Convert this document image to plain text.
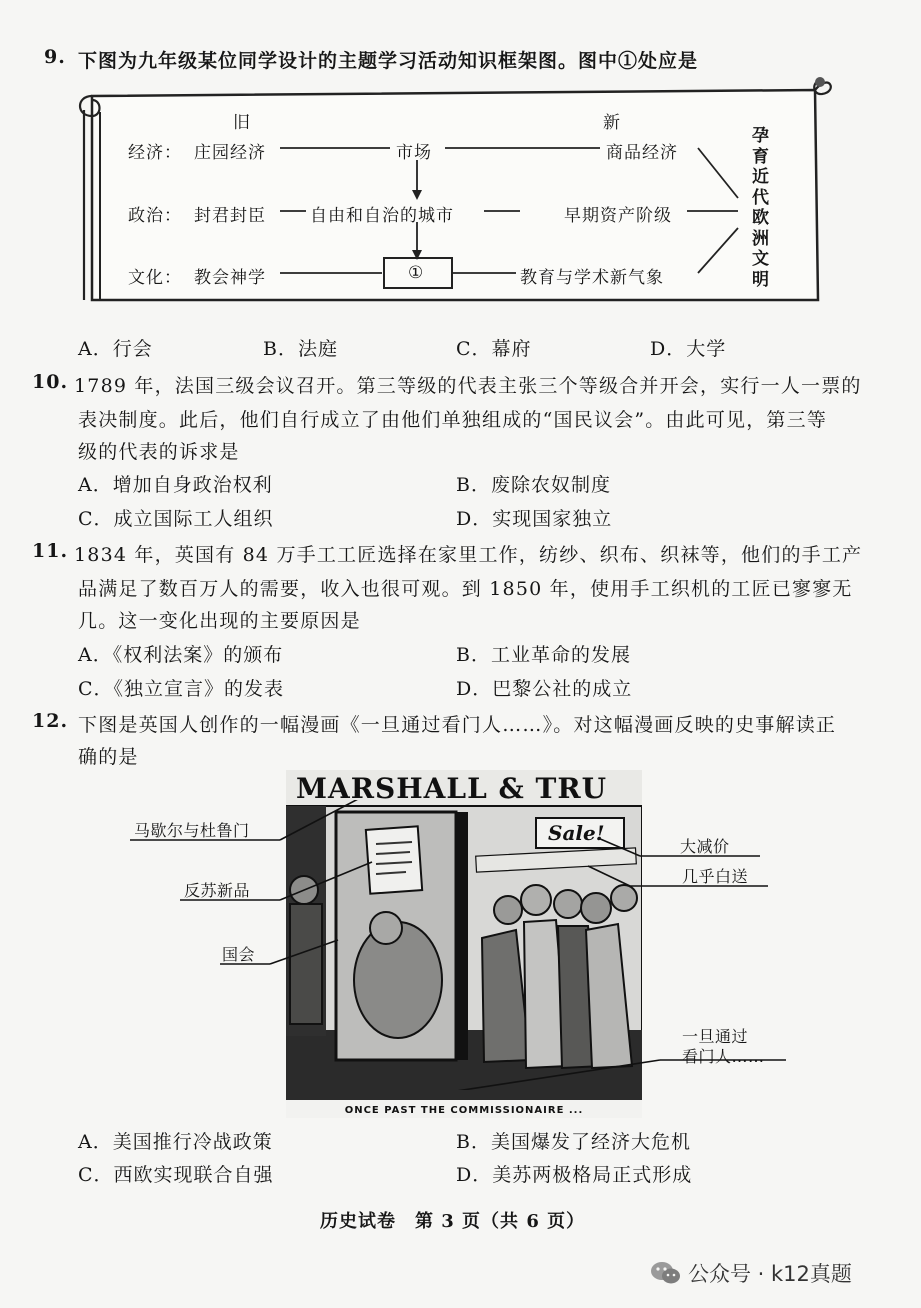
9. 下图为九年级某位同学设计的主题学习活动知识框架图。图中①处应是
旧	新
经济： 庄园经济	市场	商品经济
政治： 封君封臣	自由和自治的城市	早期资产阶级
文化： 教会神学	①	教育与学术新气象
孕
育
近
代
欧
洲
文
明
A．行会	B．法庭	C．幕府	D．大学
10. 1789 年，法国三级会议召开。第三等级的代表主张三个等级合并开会，实行一人一票的
表决制度。此后，他们自行成立了由他们单独组成的“国民议会”。由此可见，第三等
级的代表的诉求是
A．增加自身政治权利	B．废除农奴制度
C．成立国际工人组织	D．实现国家独立
11. 1834 年，英国有 84 万手工工匠选择在家里工作，纺纱、织布、织袜等，他们的手工产
品满足了数百万人的需要，收入也很可观。到 1850 年，使用手工织机的工匠已寥寥无
几。这一变化出现的主要原因是
A．《权利法案》的颁布	B．工业革命的发展
C．《独立宣言》的发表	D．巴黎公社的成立
12. 下图是英国人创作的一幅漫画《一旦通过看门人……》。对这幅漫画反映的史事解读正
确的是
MARSHALL & TRU
Sale!
ONCE PAST THE COMMISSIONAIRE ...
马歇尔与杜鲁门
反苏新品
国会
大减价
几乎白送
一旦通过
看门人……
A．美国推行冷战政策	B．美国爆发了经济大危机
C．西欧实现联合自强	D．美苏两极格局正式形成
历史试卷　第 3 页（共 6 页）
公众号 · k12真题
